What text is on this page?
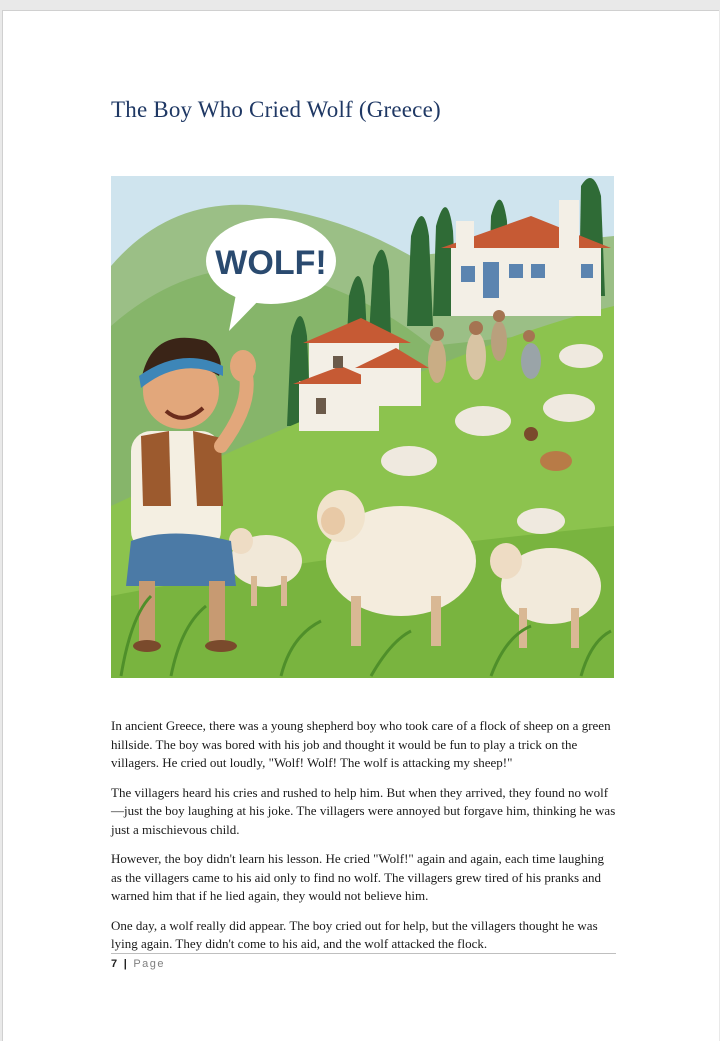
The Boy Who Cried Wolf (Greece)
WOLF!

In ancient Greece, there was a young shepherd boy who took care of a flock of sheep on a green hillside. The boy was bored with his job and thought it would be fun to play a trick on the villagers. He cried out loudly, "Wolf! Wolf! The wolf is attacking my sheep!"

The villagers heard his cries and rushed to help him. But when they arrived, they found no wolf—just the boy laughing at his joke. The villagers were annoyed but forgave him, thinking he was just a mischievous child.

However, the boy didn't learn his lesson. He cried "Wolf!" again and again, each time laughing as the villagers came to his aid only to find no wolf. The villagers grew tired of his pranks and warned him that if he lied again, they would not believe him.

One day, a wolf really did appear. The boy cried out for help, but the villagers thought he was lying again. They didn't come to his aid, and the wolf attacked the flock.

7 | Page
